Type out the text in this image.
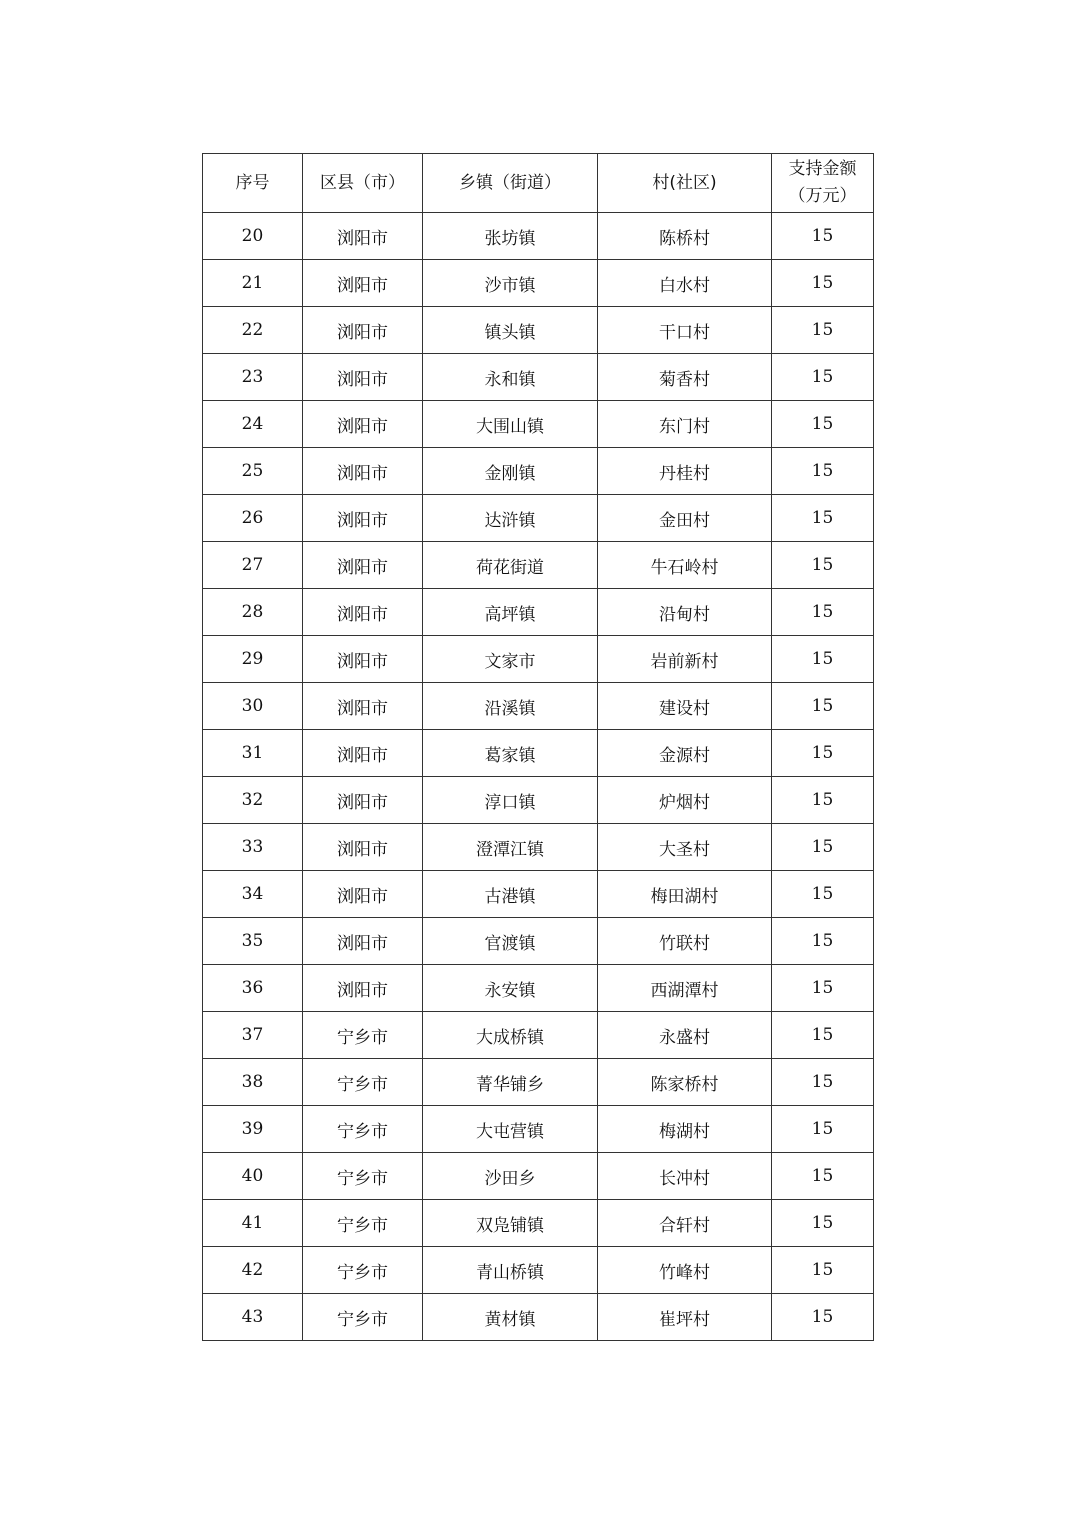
序号	区县（市）	乡镇（街道）	村(社区)	支持金额
（万元）

20	浏阳市	张坊镇	陈桥村	15
21	浏阳市	沙市镇	白水村	15
22	浏阳市	镇头镇	干口村	15
23	浏阳市	永和镇	菊香村	15
24	浏阳市	大围山镇	东门村	15
25	浏阳市	金刚镇	丹桂村	15
26	浏阳市	达浒镇	金田村	15
27	浏阳市	荷花街道	牛石岭村	15
28	浏阳市	高坪镇	沿甸村	15
29	浏阳市	文家市	岩前新村	15
30	浏阳市	沿溪镇	建设村	15
31	浏阳市	葛家镇	金源村	15
32	浏阳市	淳口镇	炉烟村	15
33	浏阳市	澄潭江镇	大圣村	15
34	浏阳市	古港镇	梅田湖村	15
35	浏阳市	官渡镇	竹联村	15
36	浏阳市	永安镇	西湖潭村	15
37	宁乡市	大成桥镇	永盛村	15
38	宁乡市	菁华铺乡	陈家桥村	15
39	宁乡市	大屯营镇	梅湖村	15
40	宁乡市	沙田乡	长冲村	15
41	宁乡市	双凫铺镇	合轩村	15
42	宁乡市	青山桥镇	竹峰村	15
43	宁乡市	黄材镇	崔坪村	15
